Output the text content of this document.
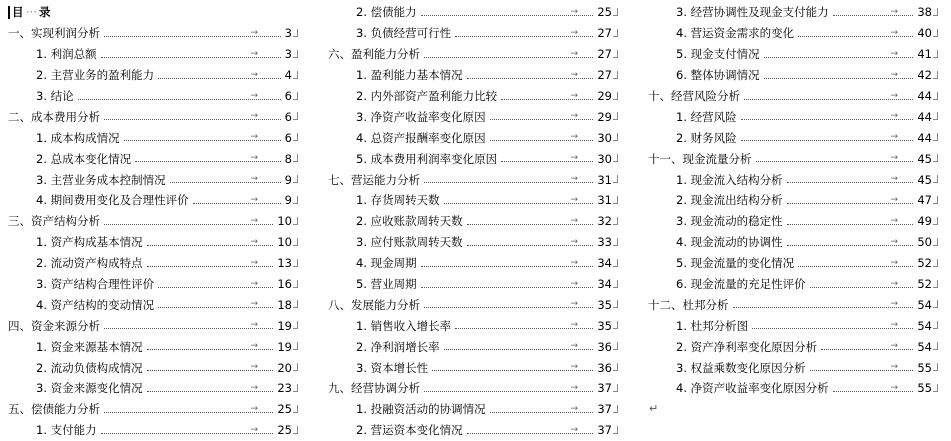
目 ··· 录
一、实现利润分析	→ 3
1. 利润总额	→ 3
2. 主营业务的盈利能力	→ 4
3. 结论	→ 6
二、成本费用分析	→ 6
1. 成本构成情况	→ 6
2. 总成本变化情况	→ 8
3. 主营业务成本控制情况	→ 9
4. 期间费用变化及合理性评价	→ 9
三、资产结构分析	→ 10
1. 资产构成基本情况	→ 10
2. 流动资产构成特点	→ 13
3. 资产结构合理性评价	→ 16
4. 资产结构的变动情况	→ 18
四、资金来源分析	→ 19
1. 资金来源基本情况	→ 19
2. 流动负债构成情况	→ 20
3. 资金来源变化情况	→ 23
五、偿债能力分析	→ 25
1. 支付能力	→ 25
2. 偿债能力	→ 25
3. 负债经营可行性	→ 27
六、盈利能力分析	→ 27
1. 盈利能力基本情况	→ 27
2. 内外部资产盈利能力比较	→ 29
3. 净资产收益率变化原因	→ 29
4. 总资产报酬率变化原因	→ 30
5. 成本费用利润率变化原因	→ 30
七、营运能力分析	→ 31
1. 存货周转天数	→ 31
2. 应收账款周转天数	→ 32
3. 应付账款周转天数	→ 33
4. 现金周期	→ 34
5. 营业周期	→ 34
八、发展能力分析	→ 35
1. 销售收入增长率	→ 35
2. 净利润增长率	→ 36
3. 资本增长性	→ 36
九、经营协调分析	→ 37
1. 投融资活动的协调情况	→ 37
2. 营运资本变化情况	→ 37
3. 经营协调性及现金支付能力	→ 38
4. 营运资金需求的变化	→ 40
5. 现金支付情况	→ 41
6. 整体协调情况	→ 42
十、经营风险分析	→ 44
1. 经营风险	→ 44
2. 财务风险	→ 44
十一、现金流量分析	→ 45
1. 现金流入结构分析	→ 45
2. 现金流出结构分析	→ 47
3. 现金流动的稳定性	→ 49
4. 现金流动的协调性	→ 50
5. 现金流量的变化情况	→ 52
6. 现金流量的充足性评价	→ 52
十二、杜邦分析	→ 54
1. 杜邦分析图	→ 54
2. 资产净利率变化原因分析	→ 54
3. 权益乘数变化原因分析	→ 55
4. 净资产收益率变化原因分析	→ 55
↵
